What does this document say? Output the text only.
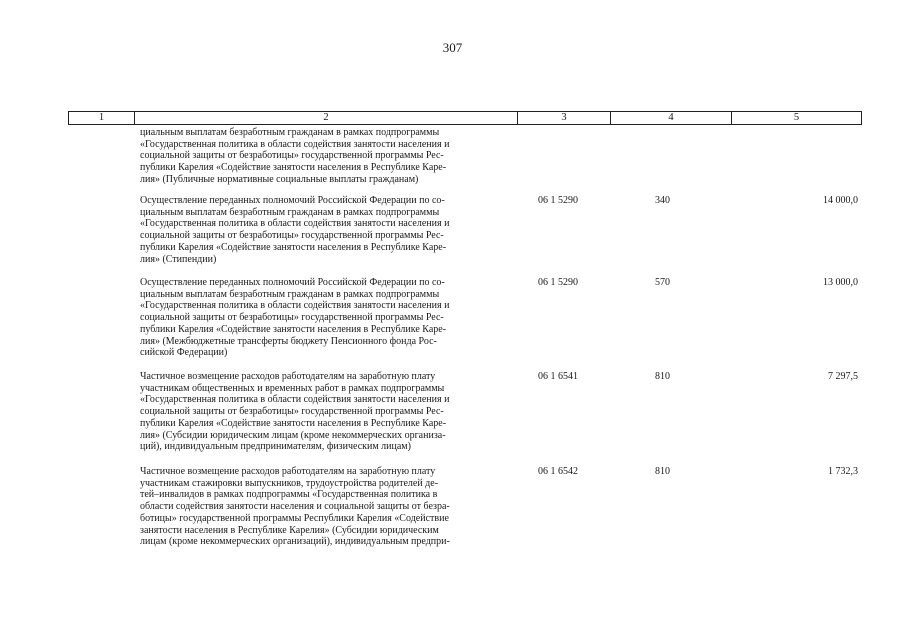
307
1	2	3	4	5
циальным выплатам безработным гражданам в рамках подпрограммы
«Государственная политика в области содействия занятости населения и
социальной защиты от безработицы» государственной программы Рес-
публики Карелия «Содействие занятости населения в Республике Каре-
лия» (Публичные нормативные социальные выплаты гражданам)
Осуществление переданных полномочий Российской Федерации по со-
циальным выплатам безработным гражданам в рамках подпрограммы
«Государственная политика в области содействия занятости населения и
социальной защиты от безработицы» государственной программы Рес-
публики Карелия «Содействие занятости населения в Республике Каре-
лия» (Стипендии)
06 1 5290	340	14 000,0
Осуществление переданных полномочий Российской Федерации по со-
циальным выплатам безработным гражданам в рамках подпрограммы
«Государственная политика в области содействия занятости населения и
социальной защиты от безработицы» государственной программы Рес-
публики Карелия «Содействие занятости населения в Республике Каре-
лия» (Межбюджетные трансферты бюджету Пенсионного фонда Рос-
сийской Федерации)
06 1 5290	570	13 000,0
Частичное возмещение расходов работодателям на заработную плату
участникам общественных и временных работ в рамках подпрограммы
«Государственная политика в области содействия занятости населения и
социальной защиты от безработицы» государственной программы Рес-
публики Карелия «Содействие занятости населения в Республике Каре-
лия» (Субсидии юридическим лицам (кроме некоммерческих организа-
ций), индивидуальным предпринимателям, физическим лицам)
06 1 6541	810	7 297,5
Частичное возмещение расходов работодателям на заработную плату
участникам стажировки выпускников, трудоустройства родителей де-
тей–инвалидов в рамках подпрограммы «Государственная политика в
области содействия занятости населения и социальной защиты от безра-
ботицы» государственной программы Республики Карелия «Содействие
занятости населения в Республике Карелия» (Субсидии юридическим
лицам (кроме некоммерческих организаций), индивидуальным предпри-
06 1 6542	810	1 732,3
